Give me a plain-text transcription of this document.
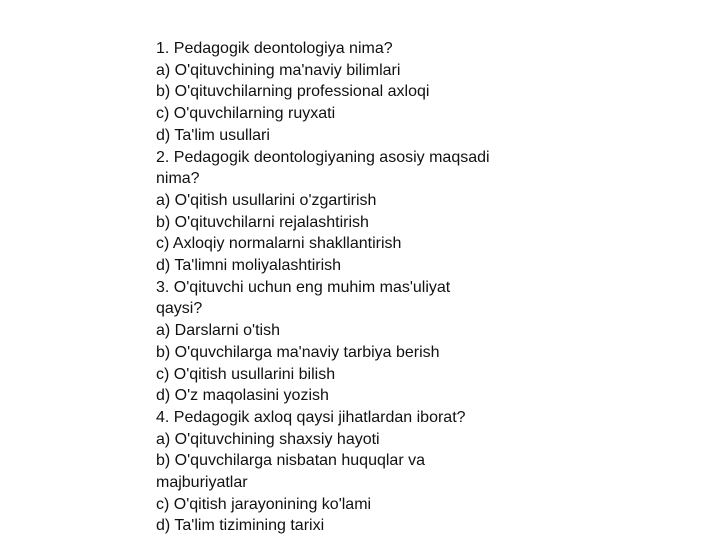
1. Pedagogik deontologiya nima?
a) O'qituvchining ma'naviy bilimlari
b) O'qituvchilarning professional axloqi
c) O'quvchilarning ruyxati
d) Ta'lim usullari
2. Pedagogik deontologiyaning asosiy maqsadi
nima?
a) O'qitish usullarini o'zgartirish
b) O'qituvchilarni rejalashtirish
c) Axloqiy normalarni shakllantirish
d) Ta'limni moliyalashtirish
3. O'qituvchi uchun eng muhim mas'uliyat
qaysi?
a) Darslarni o'tish
b) O'quvchilarga ma'naviy tarbiya berish
c) O'qitish usullarini bilish
d) O'z maqolasini yozish
4. Pedagogik axloq qaysi jihatlardan iborat?
a) O'qituvchining shaxsiy hayoti
b) O'quvchilarga nisbatan huquqlar va
majburiyatlar
c) O'qitish jarayonining ko'lami
d) Ta'lim tizimining tarixi
